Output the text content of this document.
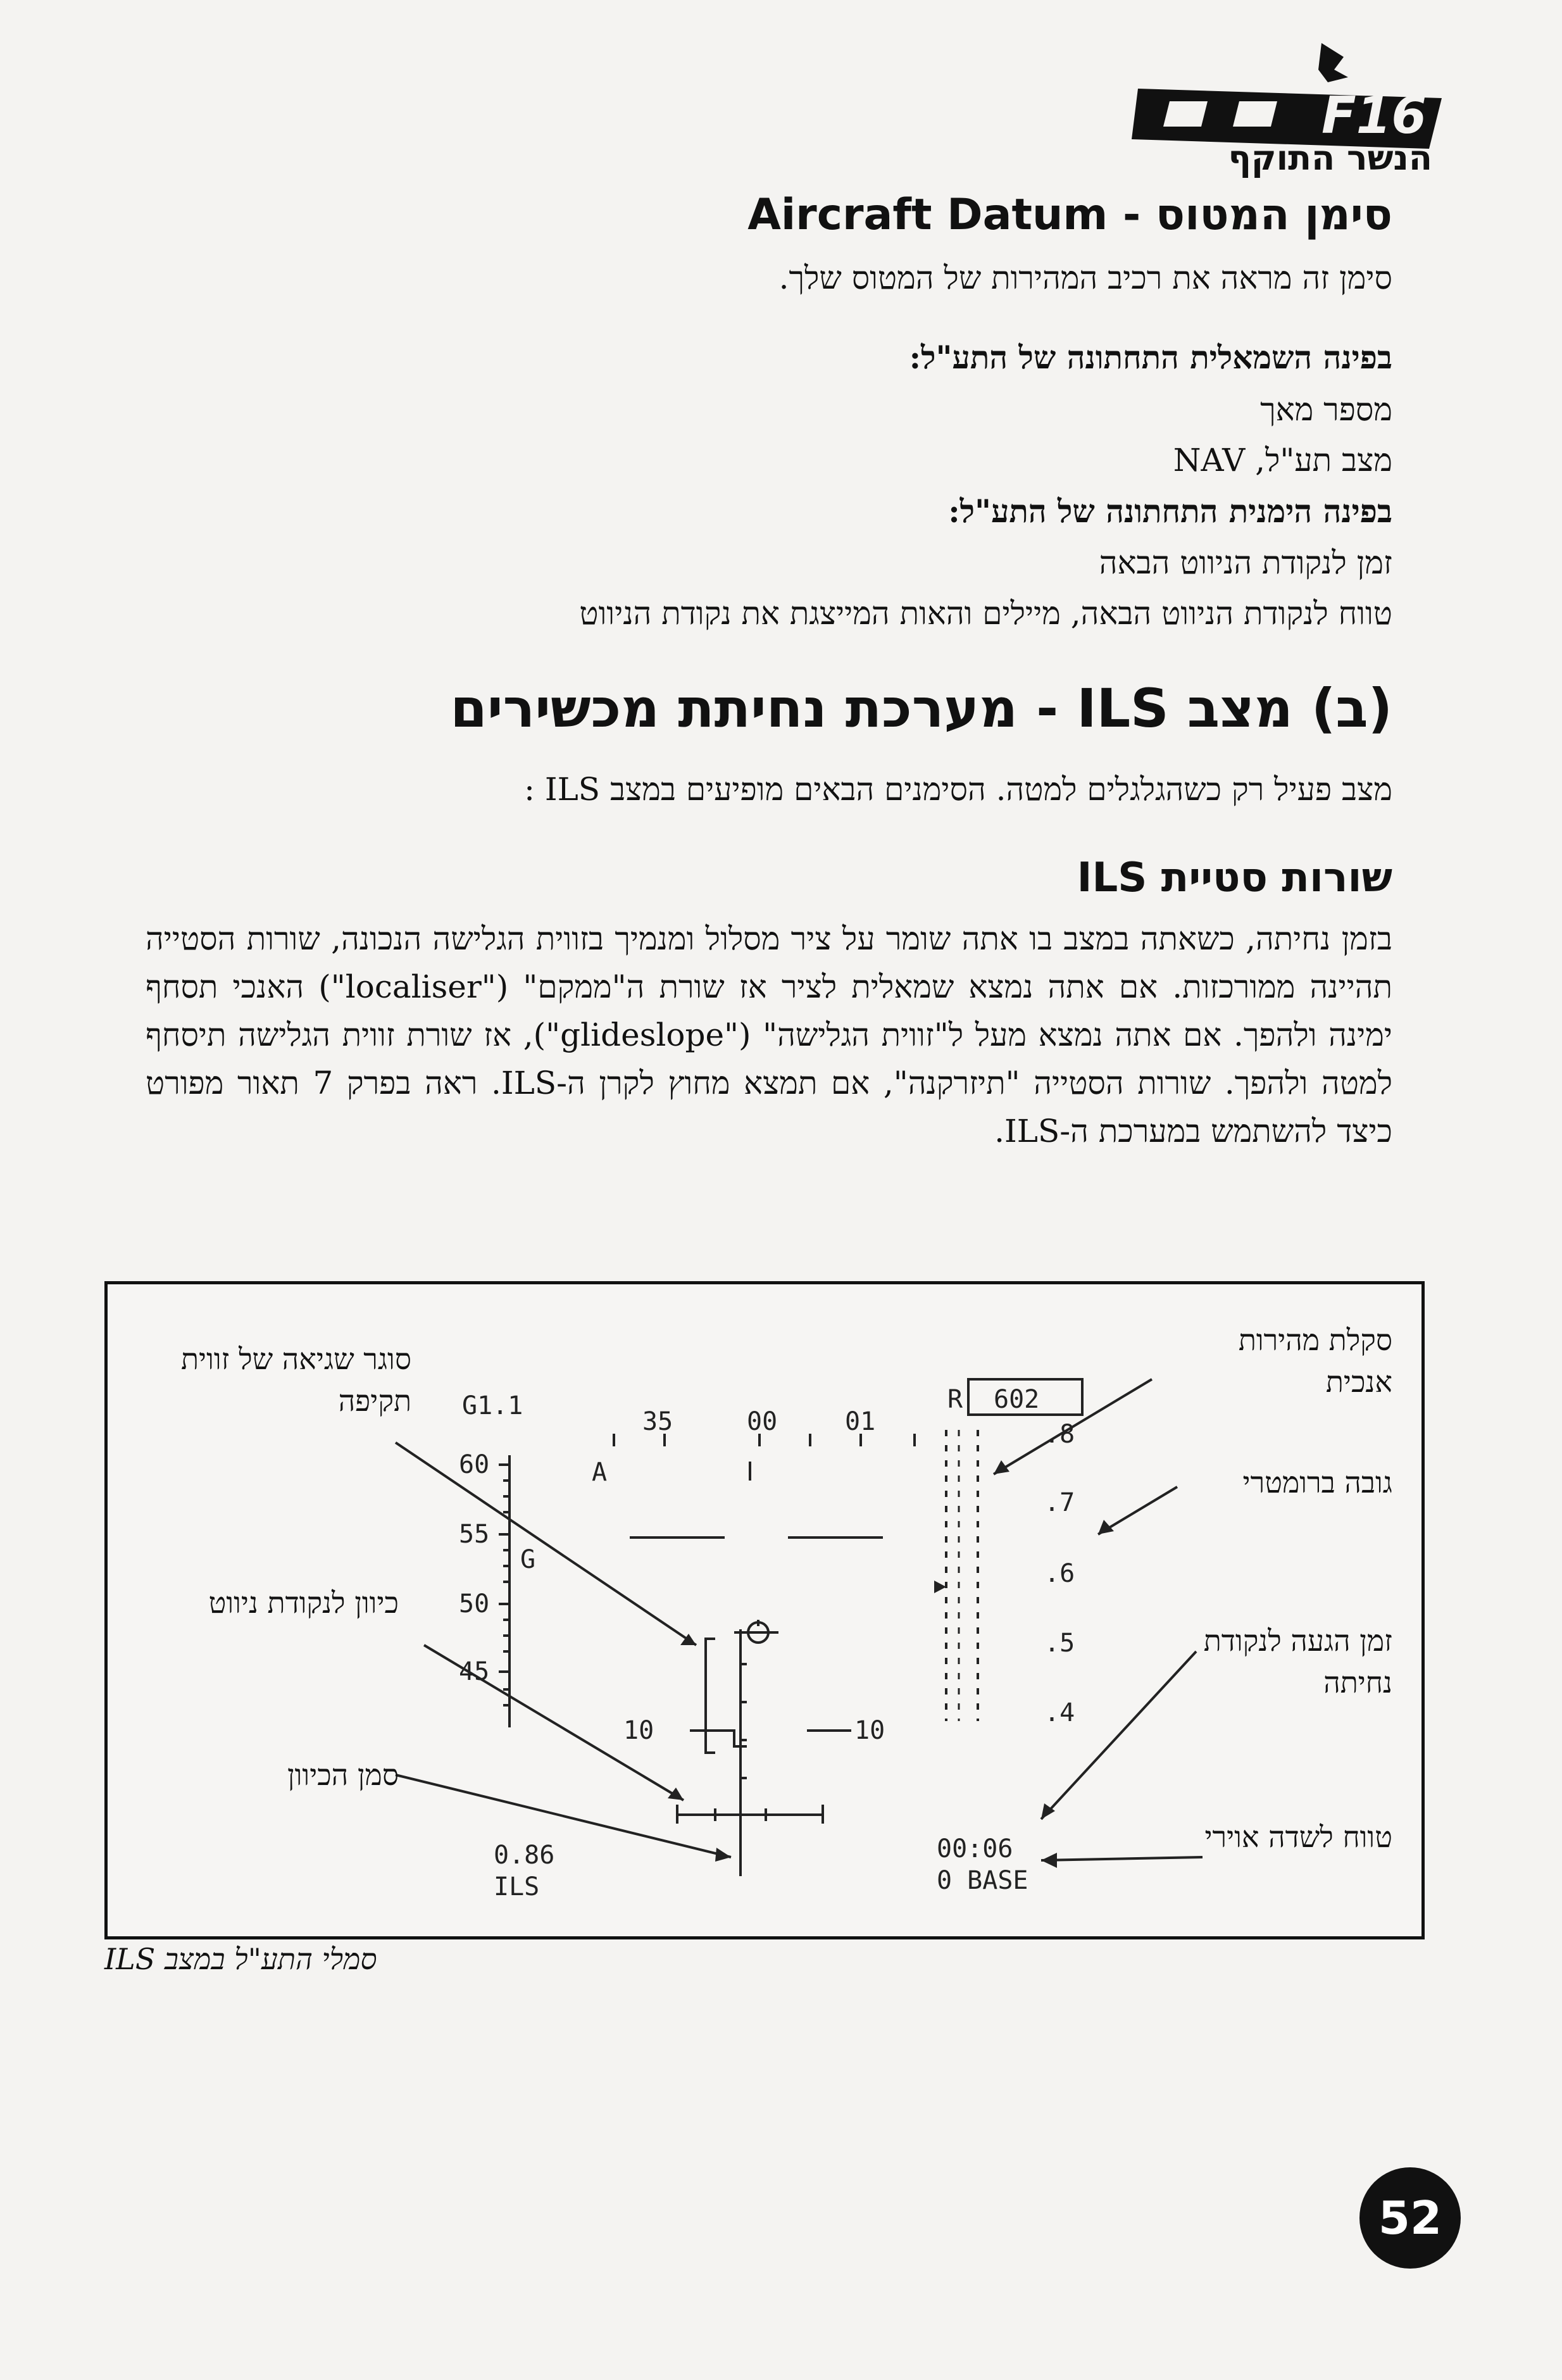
F16
הנשר התוקף
סימן המטוס - Aircraft Datum
סימן זה מראה את רכיב המהירות של המטוס שלך.
בפינה השמאלית התחתונה של התע"ל:
מספר מאך
מצב תע"ל, NAV
בפינה הימנית התחתונה של התע"ל:
זמן לנקודת הניווט הבאה
טווח לנקודת הניווט הבאה, מיילים והאות המייצגת את נקודת הניווט
(ב) מצב ILS - מערכת נחיתת מכשירים
מצב פעיל רק כשהגלגלים למטה. הסימנים הבאים מופיעים במצב ILS :
שורות סטיית ILS
בזמן נחיתה, כשאתה במצב בו אתה שומר על ציר מסלול ומנמיך בזווית הגלישה הנכונה, שורות הסטייה תהיינה ממורכזות. אם אתה נמצא שמאלית לציר אז שורת ה"ממקם" ("localiser") האנכי תסחף ימינה ולהפך. אם אתה נמצא מעל ל"זווית הגלישה" ("glideslope"), אז שורת זווית הגלישה תיסחף למטה ולהפך. שורות הסטייה "תיזרקנה", אם תמצא מחוץ לקרן ה-ILS. ראה בפרק 7 תאור מפורט כיצד להשתמש במערכת ה-ILS.
G1.1
35	00	01
A
60
55
50
45
G
R 602
.8
.7
.6
.5
.4
10	10
0.86
ILS
00:06
0 BASE
סוגר שגיאה של זווית תקיפה
כיוון לנקודת ניווט
סמן הכיוון
סקלת מהירות אנכית
גובה ברומטרי
זמן הגעה לנקודת נחיתה
טווח לשדה אוירי
סמלי התע"ל במצב ILS
52
